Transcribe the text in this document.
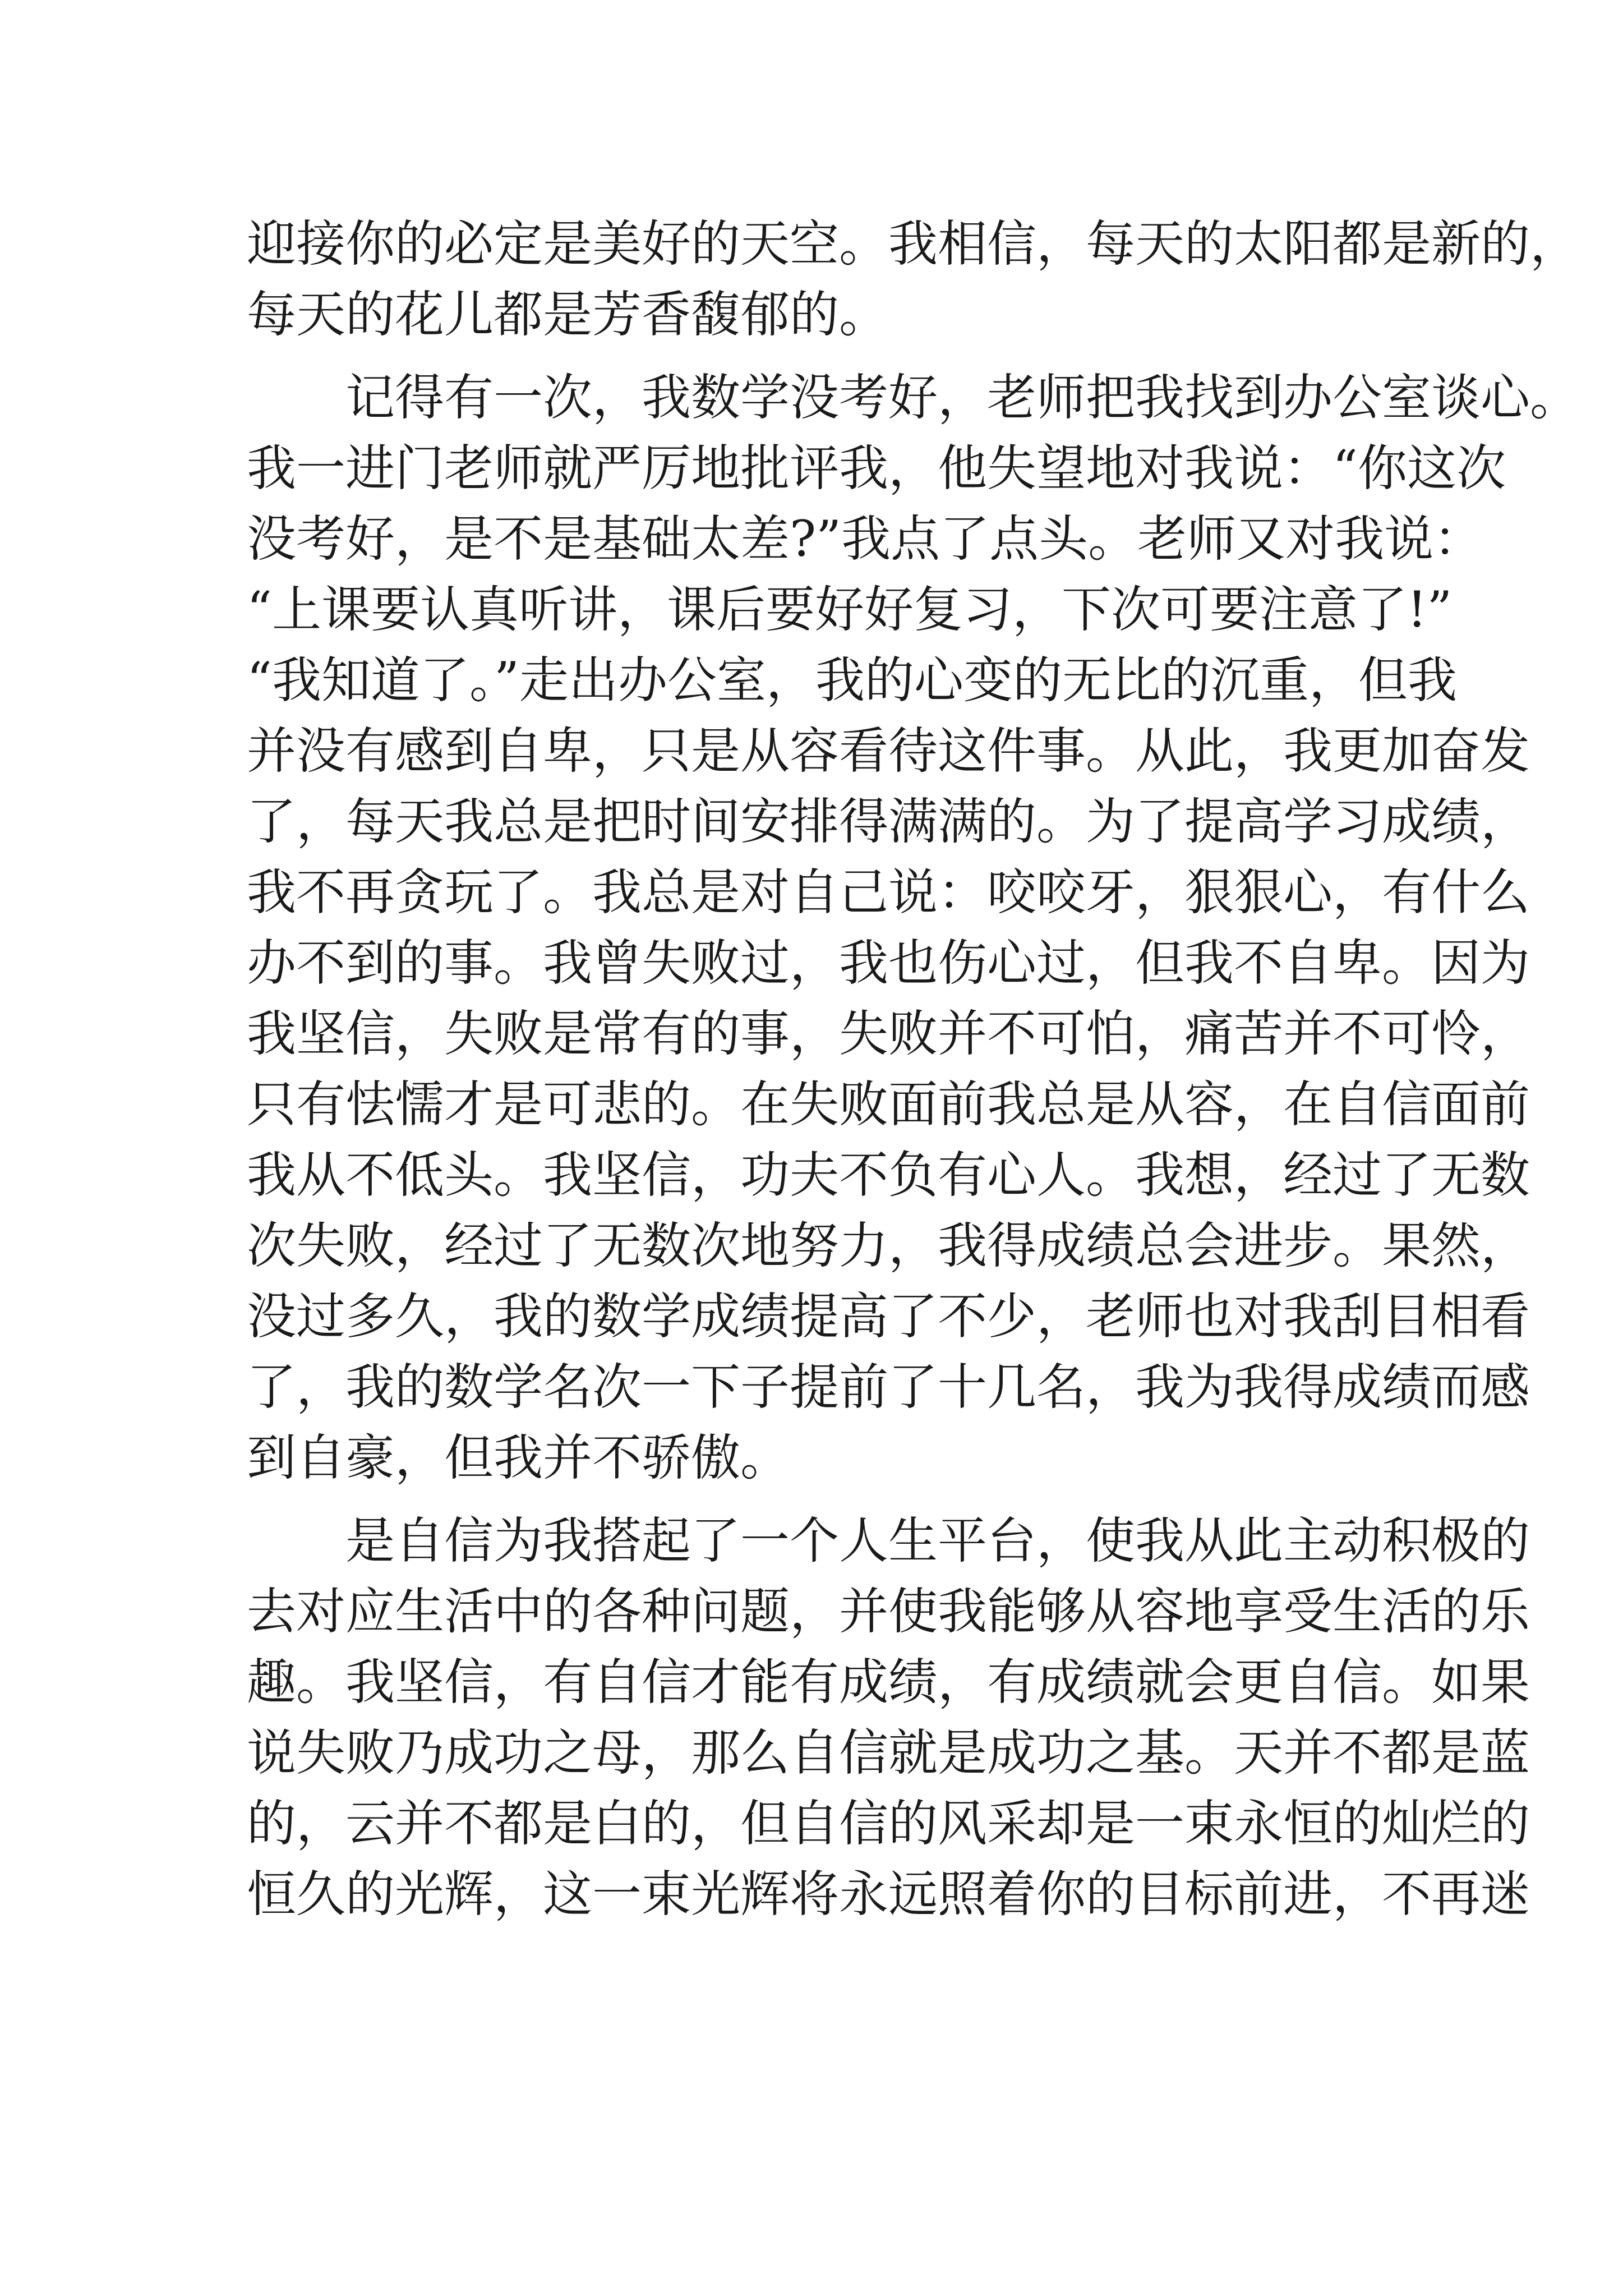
迎接你的必定是美好的天空。我相信，每天的太阳都是新的，
每天的花儿都是芳香馥郁的。
记得有一次，我数学没考好，老师把我找到办公室谈心。
我一进门老师就严厉地批评我，他失望地对我说：“你这次
没考好，是不是基础太差?”我点了点头。老师又对我说：
“上课要认真听讲，课后要好好复习，下次可要注意了!”
“我知道了。”走出办公室，我的心变的无比的沉重，但我
并没有感到自卑，只是从容看待这件事。从此，我更加奋发
了，每天我总是把时间安排得满满的。为了提高学习成绩，
我不再贪玩了。我总是对自己说：咬咬牙，狠狠心，有什么
办不到的事。我曾失败过，我也伤心过，但我不自卑。因为
我坚信，失败是常有的事，失败并不可怕，痛苦并不可怜，
只有怯懦才是可悲的。在失败面前我总是从容，在自信面前
我从不低头。我坚信，功夫不负有心人。我想，经过了无数
次失败，经过了无数次地努力，我得成绩总会进步。果然，
没过多久，我的数学成绩提高了不少，老师也对我刮目相看
了，我的数学名次一下子提前了十几名，我为我得成绩而感
到自豪，但我并不骄傲。
是自信为我搭起了一个人生平台，使我从此主动积极的
去对应生活中的各种问题，并使我能够从容地享受生活的乐
趣。我坚信，有自信才能有成绩，有成绩就会更自信。如果
说失败乃成功之母，那么自信就是成功之基。天并不都是蓝
的，云并不都是白的，但自信的风采却是一束永恒的灿烂的
恒久的光辉，这一束光辉将永远照着你的目标前进，不再迷
